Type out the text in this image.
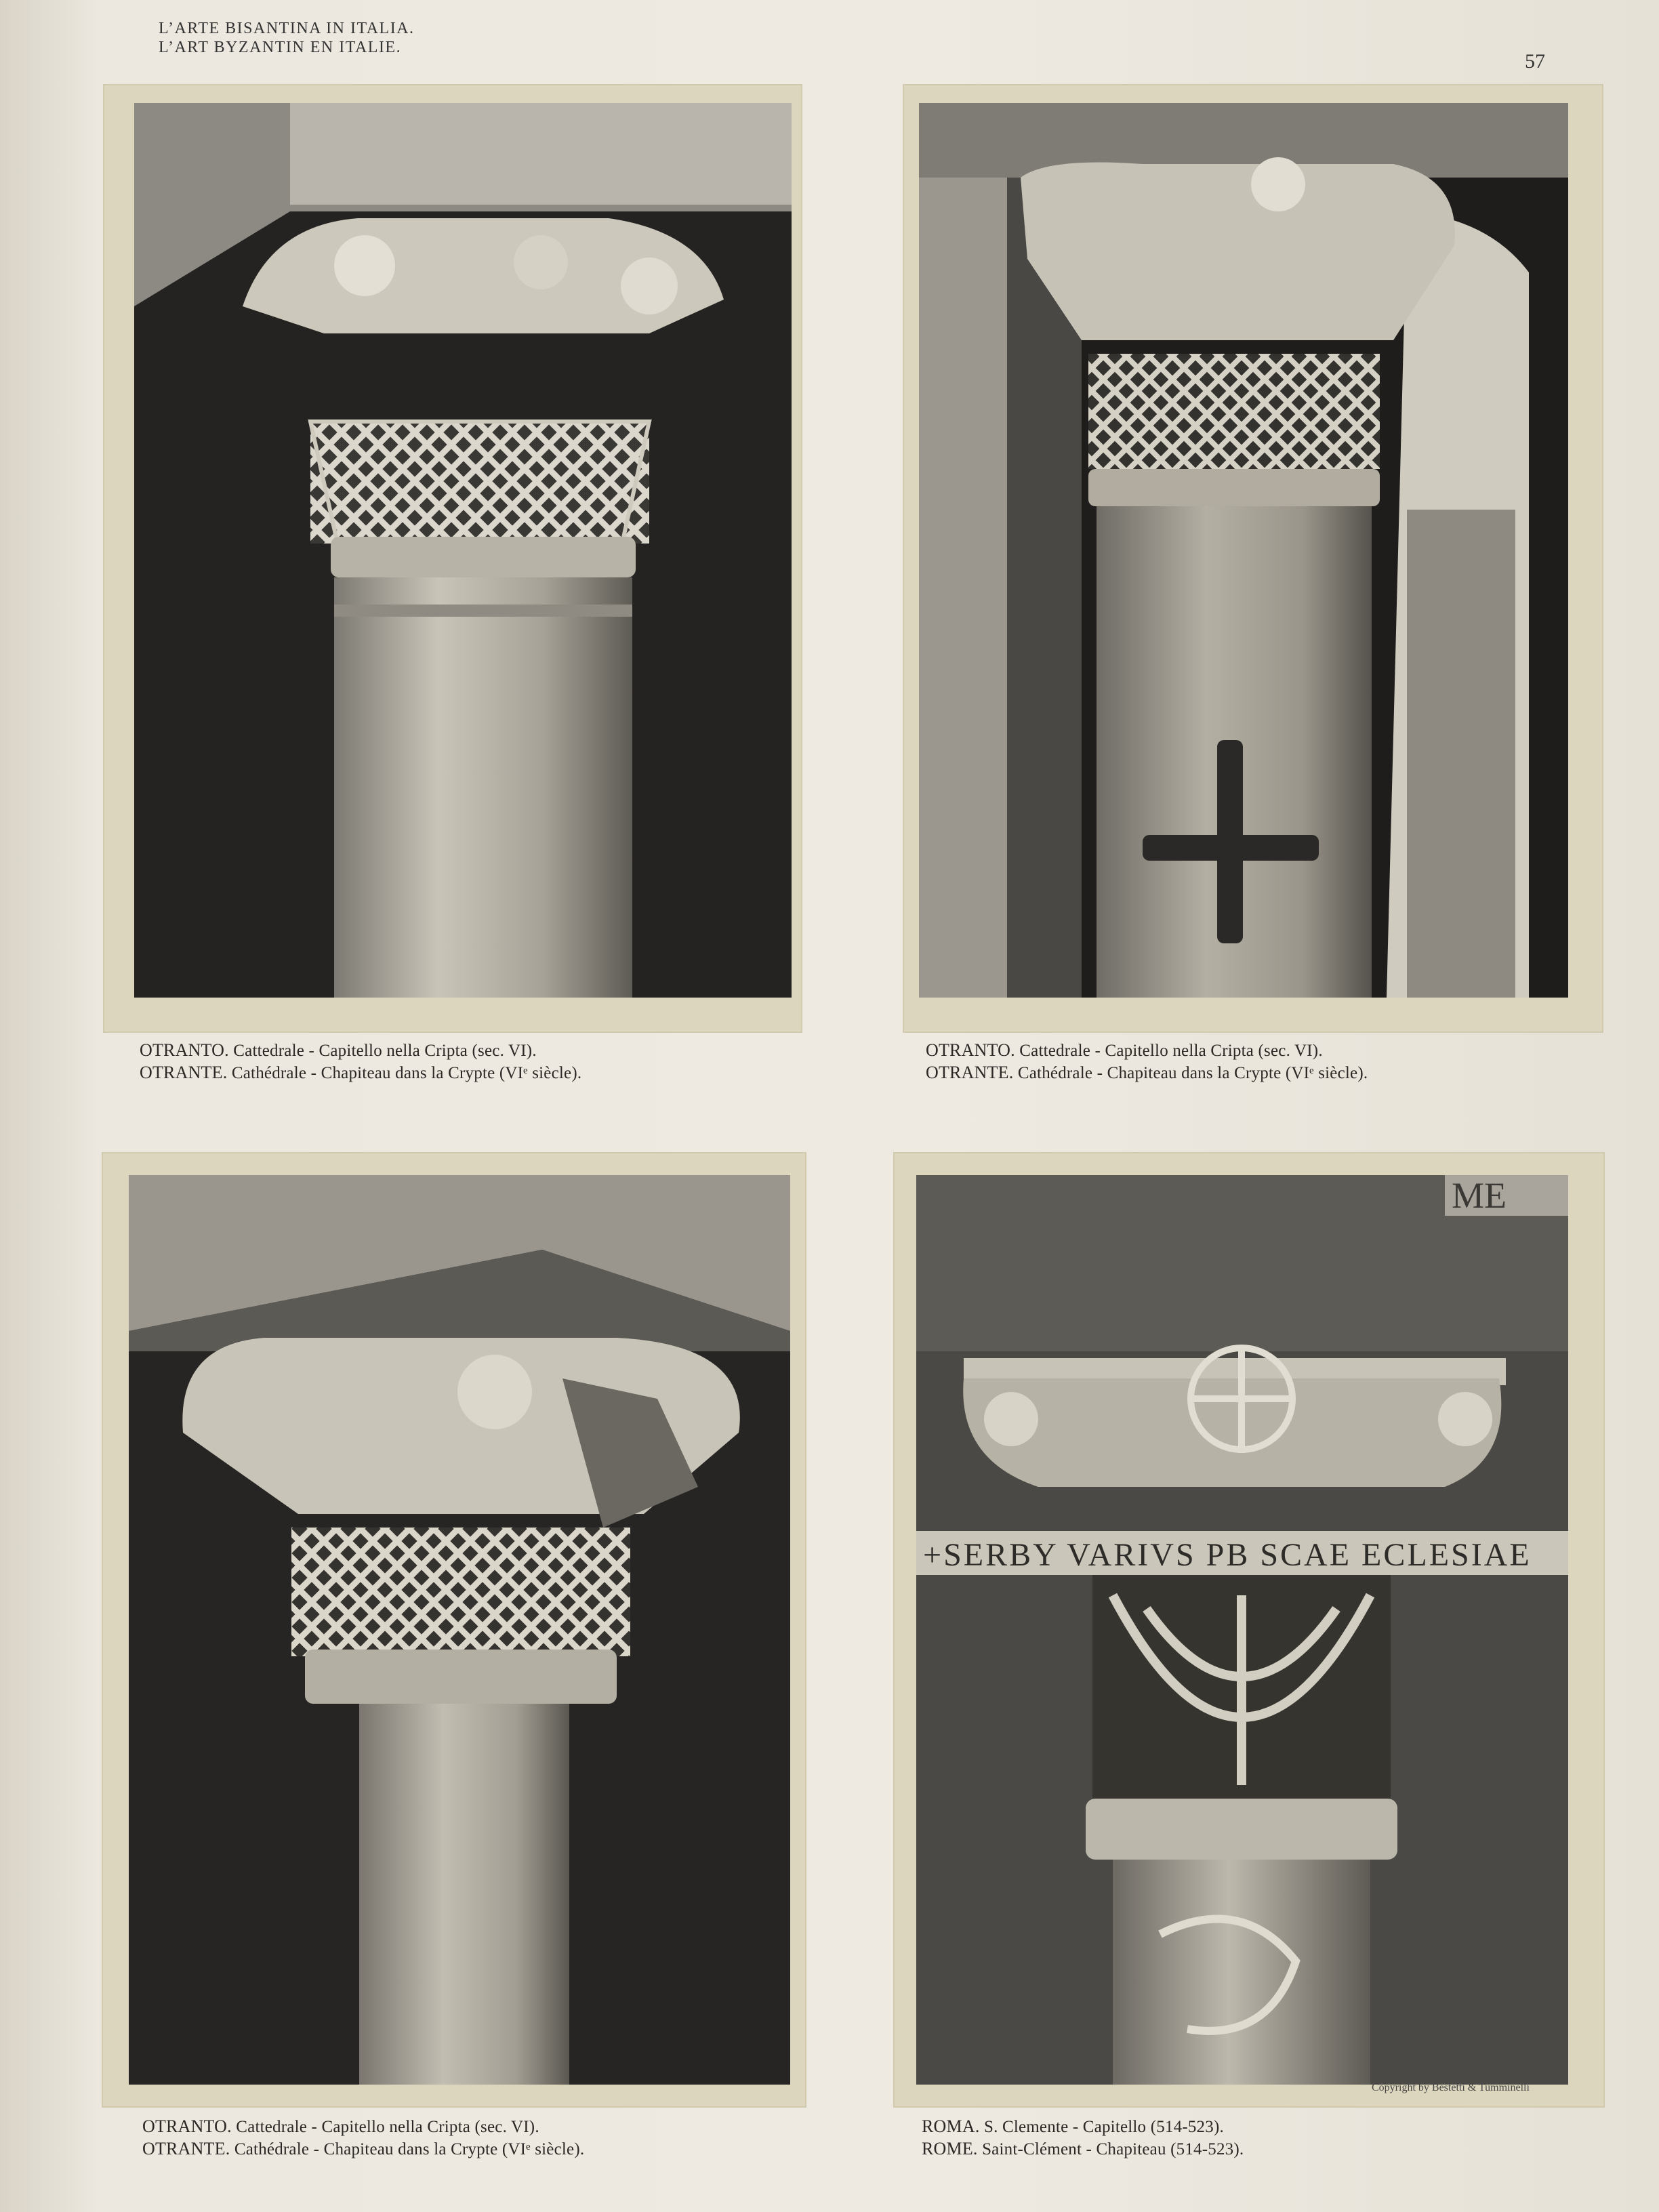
L’ARTE BISANTINA IN ITALIA.
L’ART BYZANTIN EN ITALIE.
57
OTRANTO. Cattedrale - Capitello nella Cripta (sec. VI).
OTRANTE. Cathédrale - Chapiteau dans la Crypte (VIᵉ siècle).
OTRANTO. Cattedrale - Capitello nella Cripta (sec. VI).
OTRANTE. Cathédrale - Chapiteau dans la Crypte (VIᵉ siècle).
OTRANTO. Cattedrale - Capitello nella Cripta (sec. VI).
OTRANTE. Cathédrale - Chapiteau dans la Crypte (VIᵉ siècle).
ME
+SERBY VARIVS PB SCAE ECLESIAE
Copyright by Bestetti & Tumminelli
ROMA. S. Clemente - Capitello (514-523).
ROME. Saint-Clément - Chapiteau (514-523).
